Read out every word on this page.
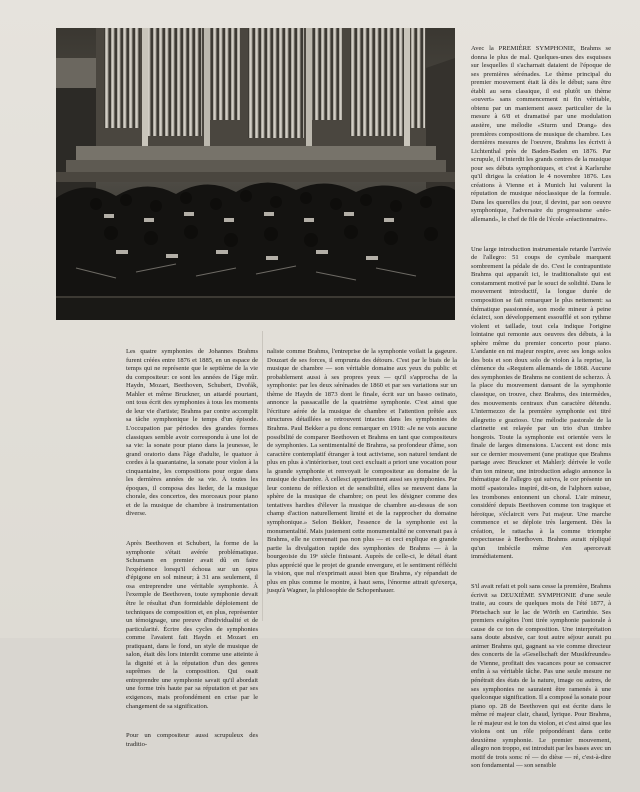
Les quatre symphonies de Johannes Brahms furent créées entre 1876 et 1885, en un espace de temps qui ne représente que le septième de la vie du compositeur: ce sont les années de l'âge mûr. Haydn, Mozart, Beethoven, Schubert, Dvořák, Mahler et même Bruckner, un attardé pourtant, ont tous écrit des symphonies à tous les moments de leur vie d'artiste; Brahms par contre accomplit sa tâche symphonique le temps d'un épisode. L'occupation par périodes des grandes formes classiques semble avoir correspondu à une loi de sa vie: la sonate pour piano dans la jeunesse, le grand oratorio dans l'âge d'adulte, le quatuor à cordes à la quarantaine, la sonate pour violon à la cinquantaine, les compositions pour orgue dans les dernières années de sa vie. À toutes les époques, il composa des lieder, de la musique chorale, des concertos, des morceaux pour piano et de la musique de chambre à instrumentation diverse.

Après Beethoven et Schubert, la forme de la symphonie s'était avérée problématique. Schumann en premier avait dû en faire l'expérience lorsqu'il échoua sur un opus d'épigone en sol mineur; à 31 ans seulement, il osa entreprendre une véritable symphonie. À l'exemple de Beethoven, toute symphonie devait être le résultat d'un formidable déploiement de techniques de composition et, en plus, représenter un témoignage, une preuve d'individualité et de particularité. Écrire des cycles de symphonies comme l'avaient fait Haydn et Mozart en pratiquant, dans le fond, un style de musique de salon, était dès lors interdit comme une atteinte à la dignité et à la réputation d'un des genres suprêmes de la composition. Qui osait entreprendre une symphonie savait qu'il abordait une forme très haute par sa réputation et par ses exigences, mais profondément en crise par le changement de sa signification.

Pour un compositeur aussi scrupuleux des traditio-

naliste comme Brahms, l'entreprise de la symphonie voilait la gageure. Douzart de ses forces, il emprunta des détours. C'est par le biais de la musique de chambre — son véritable domaine aux yeux du public et probablement aussi à ses propres yeux — qu'il s'approcha de la symphonie: par les deux sérénades de 1860 et par ses variations sur un thème de Haydn de 1873 dont le finale, écrit sur un basso ostinato, annonce la passacaille de la quatrième symphonie. C'est ainsi que l'écriture aérée de la musique de chambre et l'attention prêtée aux structures détaillées se retrouvent intactes dans les symphonies de Brahms. Paul Bekker a pu donc remarquer en 1918: «Je ne vois aucune possibilité de comparer Beethoven et Brahms en tant que compositeurs de symphonies. La sentimentalité de Brahms, sa profondeur d'âme, son caractère contemplatif étranger à tout activisme, son naturel tendant de plus en plus à s'intérioriser, tout ceci excluait a priori une vocation pour la grande symphonie et renvoyait le compositeur au domaine de la musique de chambre. À cellesci appartiennent aussi ses symphonies. Par leur contenu de réflexion et de sensibilité, elles se meuvent dans la sphère de la musique de chambre; on peut les désigner comme des tentatives hardies d'élever la musique de chambre au-dessus de son champ d'action naturellement limité et de la rapprocher du domaine symphonique.» Selon Bekker, l'essence de la symphonie est la monumentalité. Mais justement cette monumentalité ne convenait pas à Brahms, elle ne convenait pas non plus — et ceci explique en grande partie la divulgation rapide des symphonies de Brahms — à la bourgeoisie du 19ᵉ siècle finissant. Auprès de celle-ci, le détail étant plus apprécié que le projet de grande envergure, et le sentiment réfléchi la vision, que nul n'exprimait aussi bien que Brahms, s'y répandait de plus en plus comme le montre, à haut sens, l'énorme attrait qu'exerça, jusqu'à Wagner, la philosophie de Schopenhauer.

Avec la PREMIÈRE SYMPHONIE, Brahms se donna le plus de mal. Quelques-unes des esquisses sur lesquelles il s'acharnait dataient de l'époque de ses premières sérénades. Le thème principal du premier mouvement était là dès le début; sans être établi au sens classique, il est plutôt un thème «ouvert» sans commencement ni fin véritable, obtenu par un maniement assez particulier de la mesure à 6/8 et dramatisé par une modulation austère, une mélodie «Sturm und Drang» des premières compositions de musique de chambre. Les dernières mesures de l'oeuvre, Brahms les écrivit à Lichtenthal près de Baden-Baden en 1876. Par scrupule, il s'interdit les grands centres de la musique pour ses débuts symphoniques, et c'est à Karlsruhe qu'il dirigea la création le 4 novembre 1876. Les créations à Vienne et à Munich lui valurent la réputation de musique néoclassique de la formule. Dans les querelles du jour, il devint, par son oeuvre symphonique, l'adversaire du progressisme «néo-allemand», le chef de file de l'école «réactionnaire».

Une large introduction instrumentale retarde l'arrivée de l'allegro: 51 coups de cymbale marquent sombrement la pédale de do. C'est le contrapuntiste Brahms qui apparaît ici, le traditionaliste qui est constamment motivé par le souci de solidité. Dans le mouvement introductif, la longue durée de composition se fait remarquer le plus nettement: sa thématique passionnée, son mode mineur à peine éclairci, son développement essoufflé et son rythme violent et taillade, tout cela indique l'origine lointaine qui remonte aux oeuvres des débuts, à la sphère même du premier concerto pour piano. L'andante en mi majeur respire, avec ses longs solos des bois et son doux solo de violon à la reprise, la clémence du «Requiem allemand» de 1868. Aucune des symphonies de Brahms ne contient de scherzo. À la place du mouvement dansant de la symphonie classique, on trouve, chez Brahms, des intermèdes, des mouvements centraux d'un caractère détendu. L'intermezzo de la première symphonie est titré allegretto e grazioso. Une mélodie pastorale de la clarinette est relayée par un trio d'un timbre hongrois. Toute la symphonie est orientée vers le finale de larges dimensions. L'accent est donc mis sur ce dernier mouvement (une pratique que Brahms partage avec Bruckner et Mahler): dérivée le voile d'un ton mineur, une introduction adagio annonce la thématique de l'allegro qui suivra, le cor présente un motif «pastorale» inspiré, dit-on, de l'alphorn suisse, les trombones entonnent un choral. L'air mineur, considéré depuis Beethoven comme ton tragique et héroïque, s'éclaircit vers l'ut majeur. Une marche commence et se déploie très largement. Dès la création, le rattacha à la comme triomphe respectueuse à Beethoven. Brahms aurait répliqué qu'un imbécile même s'en apercevait immédiatement.

S'il avait refait et poli sans cesse la première, Brahms écrivit sa DEUXIÈME SYMPHONIE d'une seule traite, au cours de quelques mois de l'été 1877, à Pörtschach sur le lac de Wörth en Carinthie. Ses premiers exégètes l'ont tirée symphonie pastorale à cause de ce ton de composition. Une interprétation sans doute abusive, car tout autre séjour aurait pu animer Brahms qui, gagnant sa vie comme directeur des concerts de la «Gesellschaft der Musikfreunde» de Vienne, profitait des vacances pour se consacrer enfin à sa véritable tâche. Pas une seule mesure ne pénétrait des états de la nature, image ou autres, de ses symphonies ne sauraient être ramenés à une quelconque signification. Il a composé la sonate pour piano op. 28 de Beethoven qui est écrite dans le même ré majeur clair, chaud, lyrique. Pour Brahms, le ré majeur est le ton du violon, et c'est ainsi que les violons ont un rôle prépondérant dans cette deuxième symphonie. Le premier mouvement, allegro non troppo, est introduit par les bases avec un motif de trois sons: ré — do dièse — ré, c'est-à-dire son fondamental — son sensible
